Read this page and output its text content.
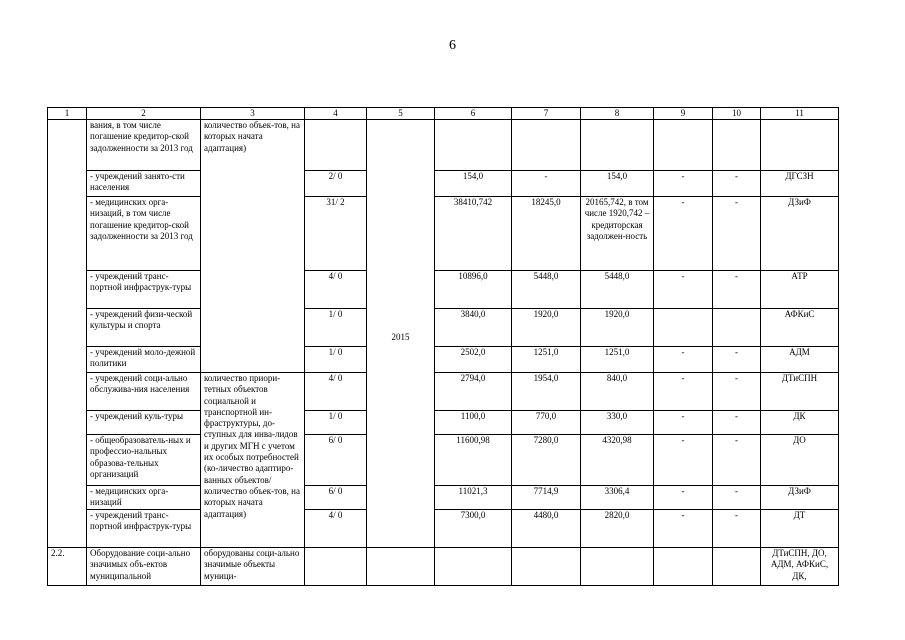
6
1	2	3	4	5	6	7	8	9	10	11
	вания, в том числе погашение кредитор-ской задолженности за 2013 год	количество объек-тов, на которых начата адаптация)		2015						
	- учреждений занято-сти населения		2/ 0		154,0	-	154,0	-	-	ДГСЗН
	- медицинских орга-низаций, в том числе погашение кредитор-ской задолженности за 2013 год		31/ 2		38410,742	18245,0	20165,742, в том числе 1920,742 – кредиторская задолжен-ность	-	-	ДЗиФ
	- учреждений транс-портной инфраструк-туры		4/ 0		10896,0	5448,0	5448,0	-	-	АТР
	- учреждений физи-ческой культуры и спорта		1/ 0		3840,0	1920,0	1920,0			АФКиС
	- учреждений моло-дежной политики		1/ 0		2502,0	1251,0	1251,0	-	-	АДМ
	- учреждений соци-ально обслужива-ния населения	количество приори-тетных объектов социальной и транспортной ин-фраструктуры, до-ступных для инва-лидов и других МГН с учетом их особых потребностей (ко-личество адаптиро-ванных объектов/ количество объек-тов, на которых начата адаптация)	4/ 0		2794,0	1954,0	840,0	-	-	ДТиСПН
	- учреждений куль-туры		1/ 0		1100,0	770,0	330,0	-	-	ДК
	- общеобразователь-ных и профессио-нальных образова-тельных организаций		6/ 0		11600,98	7280,0	4320,98	-	-	ДО
	- медицинских орга-низаций		6/ 0		11021,3	7714,9	3306,4	-	-	ДЗиФ
	- учреждений транс-портной инфраструк-туры		4/ 0		7300,0	4480,0	2820,0	-	-	ДТ
2.2.	Оборудование соци-ально значимых объ-ектов муниципальной	оборудованы соци-ально значимые объекты муници-								ДТиСПН, ДО, АДМ, АФКиС, ДК,
